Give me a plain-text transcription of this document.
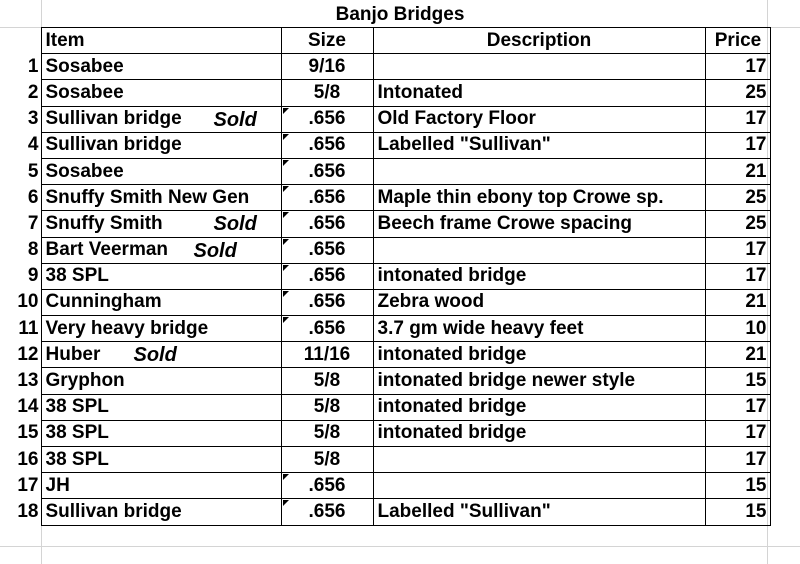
Banjo Bridges
	Item	Size	Description	Price
1	Sosabee	9/16		17
2	Sosabee	5/8	Intonated	25
3	Sullivan bridge Sold	.656	Old Factory Floor	17
4	Sullivan bridge	.656	Labelled "Sullivan"	17
5	Sosabee	.656		21
6	Snuffy Smith New Gen	.656	Maple thin ebony top Crowe sp.	25
7	Snuffy Smith Sold	.656	Beech frame Crowe spacing	25
8	Bart Veerman Sold	.656		17
9	38 SPL	.656	intonated bridge	17
10	Cunningham	.656	Zebra wood	21
11	Very heavy bridge	.656	3.7 gm wide heavy feet	10
12	Huber Sold	11/16	intonated bridge	21
13	Gryphon	5/8	intonated bridge newer style	15
14	38 SPL	5/8	intonated bridge	17
15	38 SPL	5/8	intonated bridge	17
16	38 SPL	5/8		17
17	JH	.656		15
18	Sullivan bridge	.656	Labelled "Sullivan"	15
